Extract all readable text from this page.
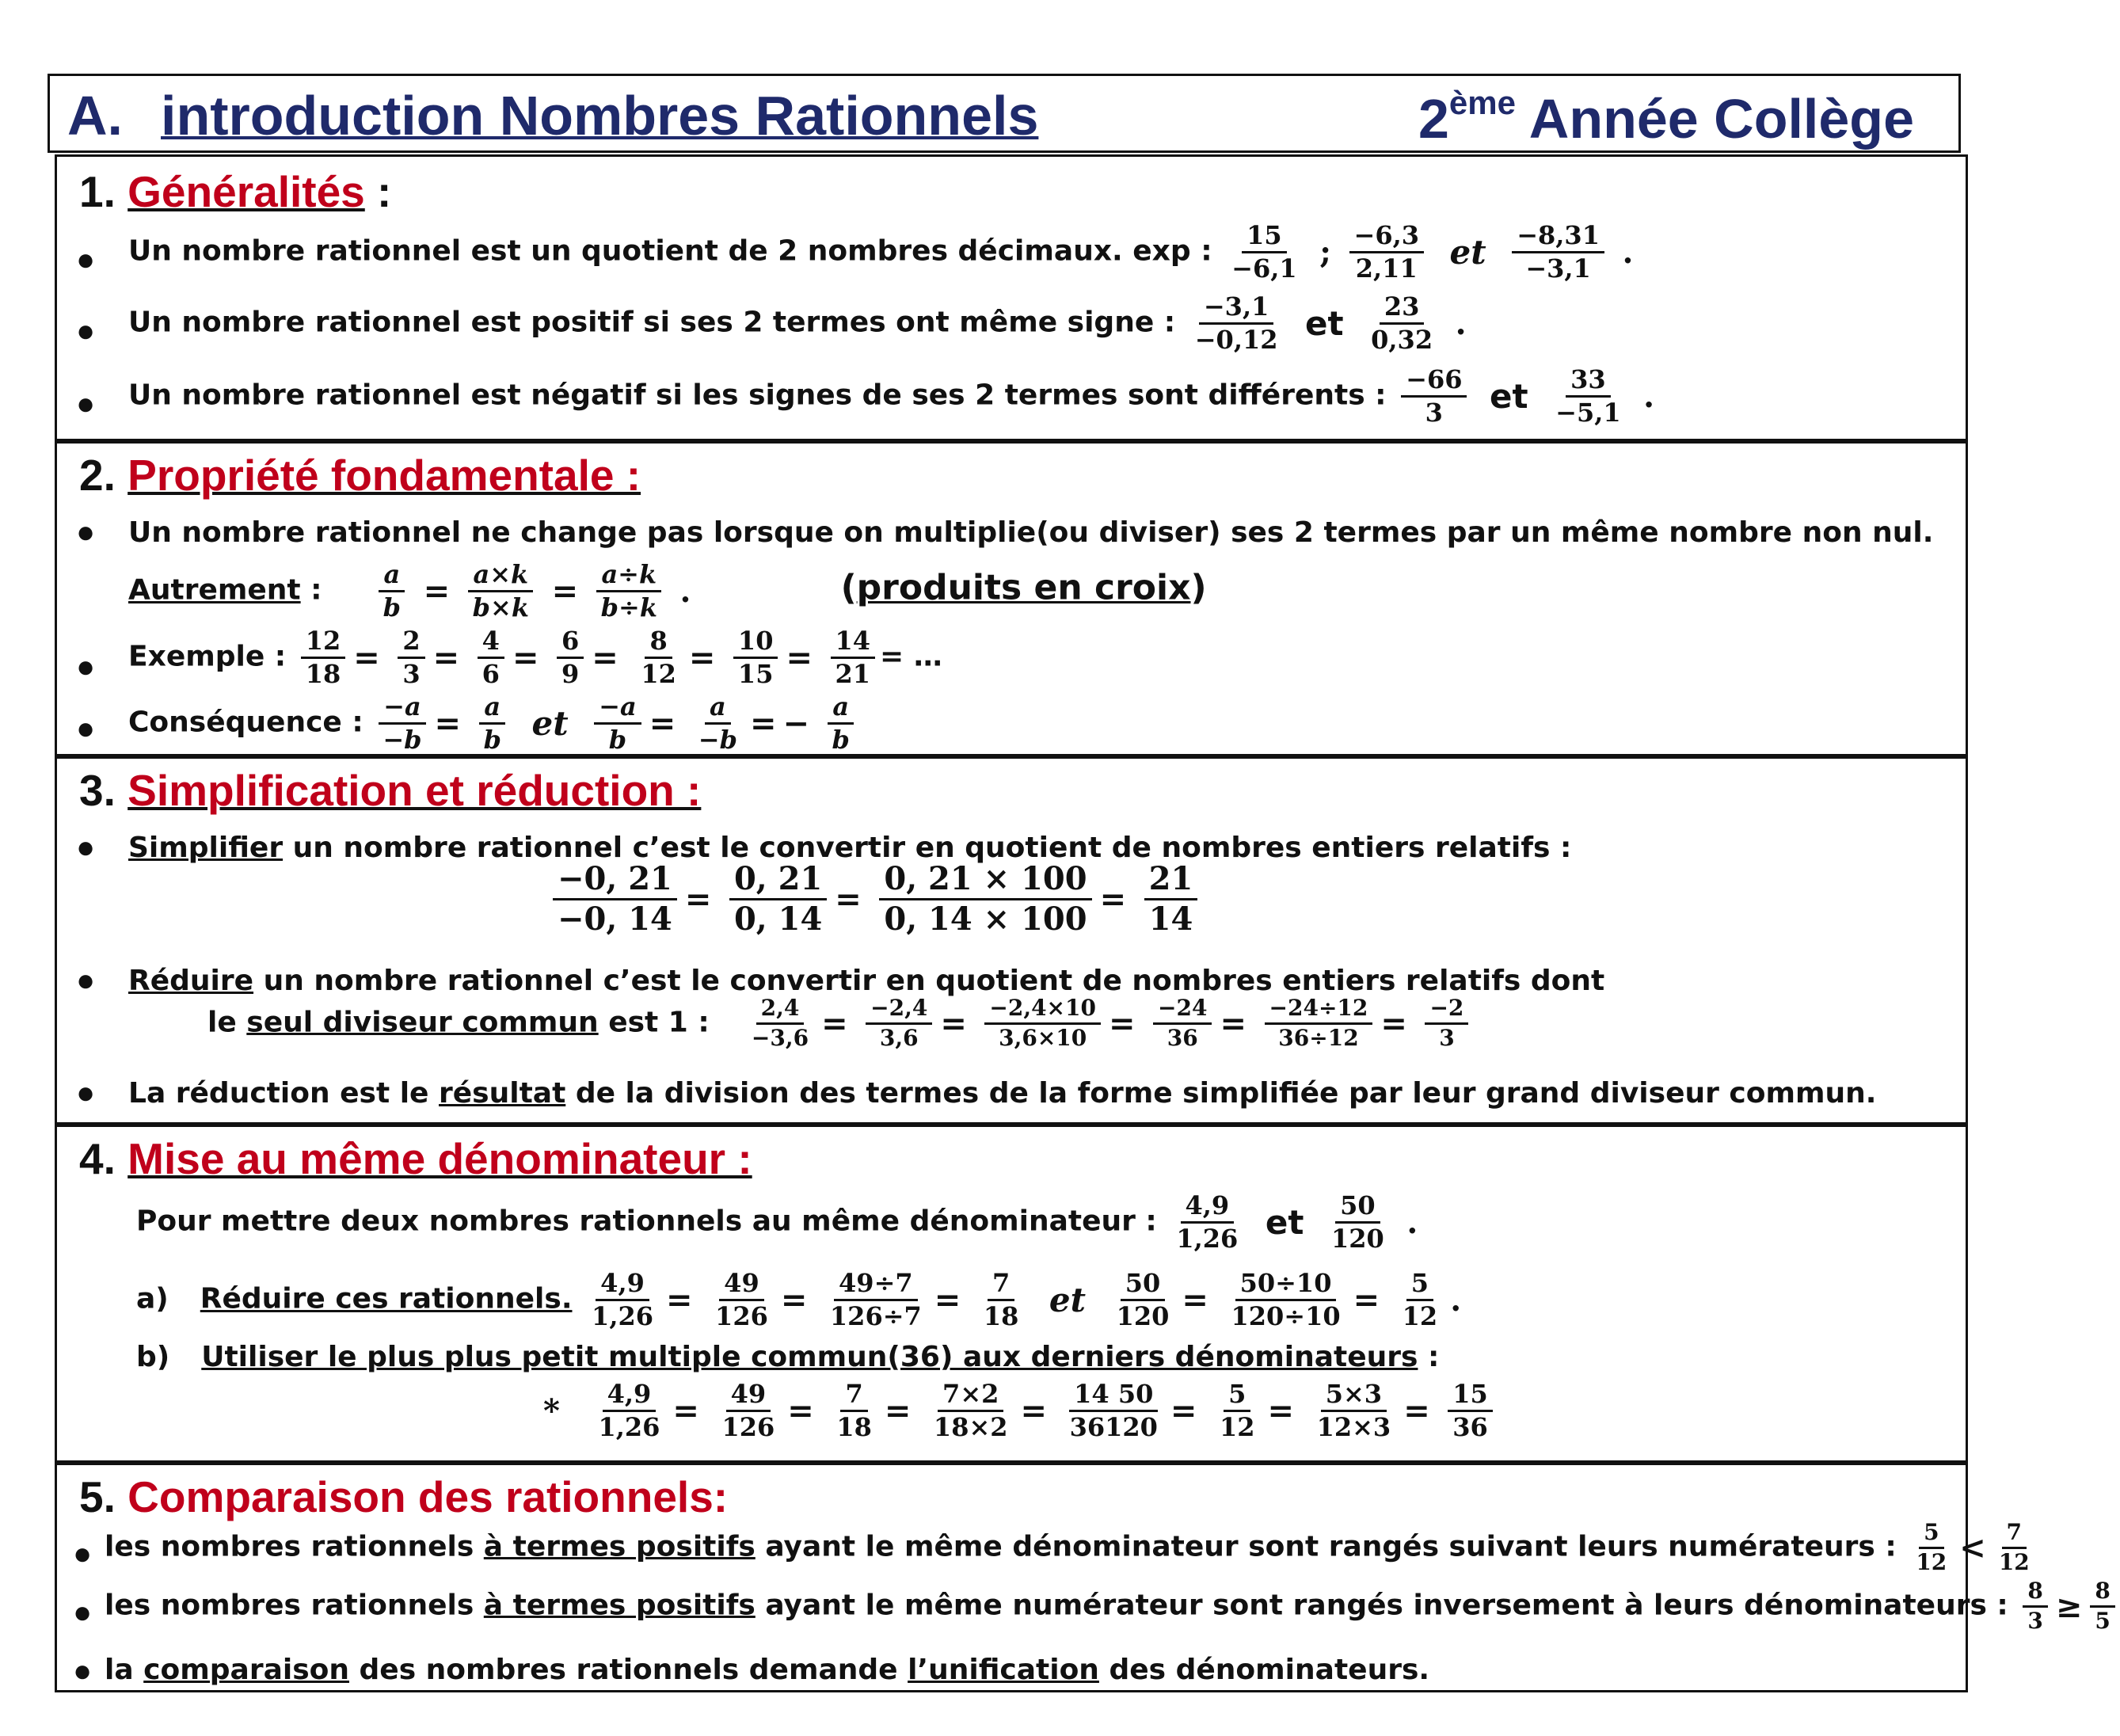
A. introduction Nombres Rationnels	2ème Année Collège
1. Généralités :
● Un nombre rationnel est un quotient de 2 nombres décimaux. exp : $\frac{15}{-6,1}$ ; $\frac{-6,3}{2,11}$ et $\frac{-8,31}{-3,1}$ .
● Un nombre rationnel est positif si ses 2 termes ont même signe : $\frac{-3,1}{-0,12}$ et $\frac{23}{0,32}$ .
● Un nombre rationnel est négatif si les signes de ses 2 termes sont différents : $\frac{-66}{3}$ et $\frac{33}{-5,1}$ .
2. Propriété fondamentale :
● Un nombre rationnel ne change pas lorsque on multiplie(ou diviser) ses 2 termes par un même nombre non nul.
Autrement : $\frac{a}{b} = \frac{a\times k}{b\times k} = \frac{a\div k}{b\div k}$ .	(produits en croix)
● Exemple : $\frac{12}{18} = \frac{2}{3} = \frac{4}{6} = \frac{6}{9} = \frac{8}{12} = \frac{10}{15} = \frac{14}{21}$ = …
● Conséquence : $\frac{-a}{-b} = \frac{a}{b}$ et $\frac{-a}{b} = \frac{a}{-b}$ = − $\frac{a}{b}$
3. Simplification et réduction :
● Simplifier un nombre rationnel c’est le convertir en quotient de nombres entiers relatifs :
$\frac{-0, 21}{-0, 14} = \frac{0, 21}{0, 14} = \frac{0, 21 \times 100}{0, 14 \times 100} = \frac{21}{14}$
● Réduire un nombre rationnel c’est le convertir en quotient de nombres entiers relatifs dont
le seul diviseur commun est 1 : $\frac{2,4}{-3,6} = \frac{-2,4}{3,6} = \frac{-2,4\times 10}{3,6\times 10} = \frac{-24}{36} = \frac{-24\div 12}{36\div 12} = \frac{-2}{3}$
● La réduction est le résultat de la division des termes de la forme simplifiée par leur grand diviseur commun.
4. Mise au même dénominateur :
Pour mettre deux nombres rationnels au même dénominateur : $\frac{4,9}{1,26}$ et $\frac{50}{120}$ .
a) Réduire ces rationnels. $\frac{4,9}{1,26} = \frac{49}{126} = \frac{49\div 7}{126\div 7} = \frac{7}{18}$ et $\frac{50}{120} = \frac{50\div 10}{120\div 10} = \frac{5}{12}$ .
b) Utiliser le plus plus petit multiple commun(36) aux derniers dénominateurs :
* $\frac{4,9}{1,26} = \frac{49}{126} = \frac{7}{18} = \frac{7\times 2}{18\times 2} = \frac{14 50}{36120} = \frac{5}{12} = \frac{5\times 3}{12\times 3} = \frac{15}{36}$
5. Comparaison des rationnels:
● les nombres rationnels à termes positifs ayant le même dénominateur sont rangés suivant leurs numérateurs : $\frac{5}{12} < \frac{7}{12}$
● les nombres rationnels à termes positifs ayant le même numérateur sont rangés inversement à leurs dénominateurs : $\frac{8}{3} \ge \frac{8}{5}$
● la comparaison des nombres rationnels demande l’unification des dénominateurs.
